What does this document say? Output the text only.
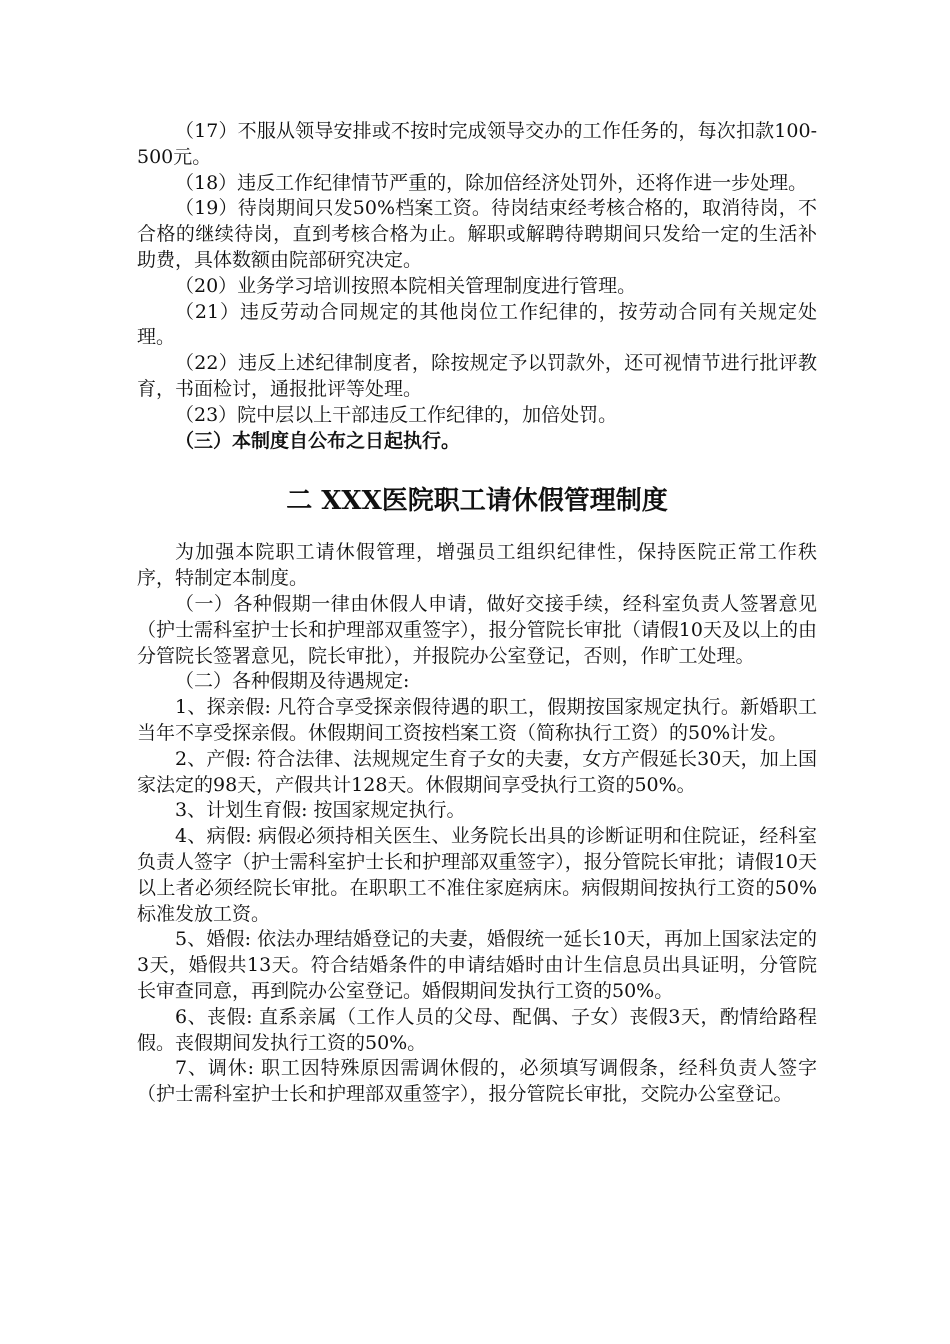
（17）不服从领导安排或不按时完成领导交办的工作任务的，每次扣款100-500元。

（18）违反工作纪律情节严重的，除加倍经济处罚外，还将作进一步处理。

（19）待岗期间只发50%档案工资。待岗结束经考核合格的，取消待岗，不合格的继续待岗，直到考核合格为止。解职或解聘待聘期间只发给一定的生活补助费，具体数额由院部研究决定。

（20）业务学习培训按照本院相关管理制度进行管理。

（21）违反劳动合同规定的其他岗位工作纪律的，按劳动合同有关规定处理。

（22）违反上述纪律制度者，除按规定予以罚款外，还可视情节进行批评教育，书面检讨，通报批评等处理。

（23）院中层以上干部违反工作纪律的，加倍处罚。

（三）本制度自公布之日起执行。

二 XXX医院职工请休假管理制度

为加强本院职工请休假管理，增强员工组织纪律性，保持医院正常工作秩序，特制定本制度。

（一）各种假期一律由休假人申请，做好交接手续，经科室负责人签署意见（护士需科室护士长和护理部双重签字），报分管院长审批（请假10天及以上的由分管院长签署意见，院长审批），并报院办公室登记，否则，作旷工处理。

（二）各种假期及待遇规定:

1、探亲假: 凡符合享受探亲假待遇的职工，假期按国家规定执行。新婚职工当年不享受探亲假。休假期间工资按档案工资（简称执行工资）的50%计发。

2、产假: 符合法律、法规规定生育子女的夫妻，女方产假延长30天，加上国家法定的98天，产假共计128天。休假期间享受执行工资的50%。

3、计划生育假: 按国家规定执行。

4、病假: 病假必须持相关医生、业务院长出具的诊断证明和住院证，经科室负责人签字（护士需科室护士长和护理部双重签字），报分管院长审批；请假10天以上者必须经院长审批。在职职工不准住家庭病床。病假期间按执行工资的50%标准发放工资。

5、婚假: 依法办理结婚登记的夫妻，婚假统一延长10天，再加上国家法定的3天，婚假共13天。符合结婚条件的申请结婚时由计生信息员出具证明，分管院长审查同意，再到院办公室登记。婚假期间发执行工资的50%。

6、丧假: 直系亲属（工作人员的父母、配偶、子女）丧假3天，酌情给路程假。丧假期间发执行工资的50%。

7、调休: 职工因特殊原因需调休假的，必须填写调假条，经科负责人签字（护士需科室护士长和护理部双重签字），报分管院长审批，交院办公室登记。
